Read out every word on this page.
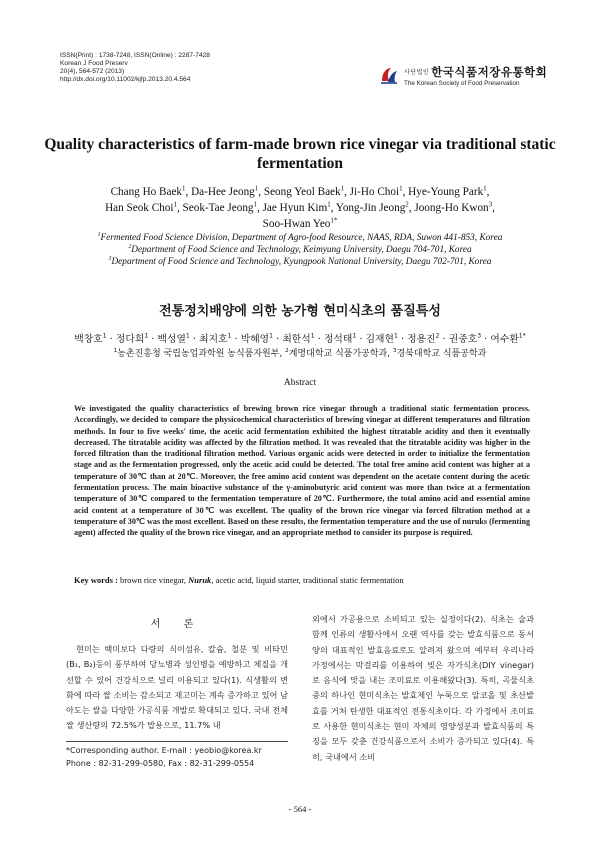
ISSN(Print) : 1738-7248, ISSN(Online) : 2287-7428
Korean J Food Preserv
20(4), 564-572 (2013)
http://dx.doi.org/10.11002/kjfp.2013.20.4.564
사단법인 한국식품저장유통학회
The Korean Society of Food Preservation
Quality characteristics of farm-made brown rice vinegar via traditional static fermentation
Chang Ho Baek$^1$, Da-Hee Jeong$^1$, Seong Yeol Baek$^1$, Ji-Ho Choi$^1$, Hye-Young Park$^1$,
Han Seok Choi$^1$, Seok-Tae Jeong$^1$, Jae Hyun Kim$^1$, Yong-Jin Jeong$^2$, Joong-Ho Kwon$^3$,
Soo-Hwan Yeo$^{1*}$
$^1$Fermented Food Science Division, Department of Agro-food Resource, NAAS, RDA, Suwon 441-853, Korea
$^2$Department of Food Science and Technology, Keimyung University, Daegu 704-701, Korea
$^3$Department of Food Science and Technology, Kyungpook National University, Daegu 702-701, Korea
전통정치배양에 의한 농가형 현미식초의 품질특성
백창호$^1$ · 정다희$^1$ · 백성열$^1$ · 최지호$^1$ · 박혜영$^1$ · 최한석$^1$ · 정석태$^1$ · 김재현$^1$ · 정용진$^2$ · 권중호$^3$ · 여수환$^{1*}$
$^1$농촌진흥청 국립농업과학원 농식품자원부, $^2$계명대학교 식품가공학과, $^3$경북대학교 식품공학과
Abstract
We investigated the quality characteristics of brewing brown rice vinegar through a traditional static fermentation process. Accordingly, we decided to compare the physicochemical characteristics of brewing vinegar at different temperatures and filtration methods. In four to five weeks' time, the acetic acid fermentation exhibited the highest titratable acidity and then it eventually decreased. The titratable acidity was affected by the filtration method. It was revealed that the titratable acidity was higher in the forced filtration than the traditional filtration method. Various organic acids were detected in order to initialize the fermentation stage and as the fermentation progressed, only the acetic acid could be detected. The total free amino acid content was higher at a temperature of 30℃ than at 20℃. Moreover, the free amino acid content was dependent on the acetate content during the acetic fermentation process. The main bioactive substance of the γ-aminobutyric acid content was more than twice at a fermentation temperature of 30℃ compared to the fermentation temperature of 20℃. Furthermore, the total amino acid and essential amino acid content at a temperature of 30℃ was excellent. The quality of the brown rice vinegar via forced filtration method at a temperature of 30℃ was the most excellent. Based on these results, the fermentation temperature and the use of nuruks (fermenting agent) affected the quality of the brown rice vinegar, and an appropriate method to consider its purpose is required.
Key words : brown rice vinegar, Nuruk, acetic acid, liquid starter, traditional static fermentation
서 론
현미는 백미보다 다량의 식이섬유, 칼슘, 철분 및 비타민(B₁, B₂)등이 풍부하여 당뇨병과 성인병을 예방하고 체질을 개선할 수 있어 건강식으로 널리 이용되고 있다(1). 식생활의 변화에 따라 쌀 소비는 감소되고 재고미는 계속 증가하고 있어 남아도는 쌀을 다양한 가공식품 개발로 확대되고 있다. 국내 전체 쌀 생산량의 72.5%가 밥용으로, 11.7% 내
외에서 가공용으로 소비되고 있는 실정이다(2). 식초는 술과 함께 인류의 생활사에서 오랜 역사를 갖는 발효식품으로 동서양의 대표적인 발효음료로도 알려져 왔으며 예부터 우리나라 가정에서는 막걸리를 이용하여 빚은 자가식초(DIY vinegar)로 음식에 맛을 내는 조미료로 이용해왔다(3). 특히, 곡물식초 중의 하나인 현미식초는 발효제인 누룩으로 알코올 및 초산발효를 거쳐 탄생한 대표적인 전통식초이다. 각 가정에서 조미료로 사용한 현미식초는 현미 자체의 영양성분과 발효식품의 특징을 모두 갖춘 건강식품으로서 소비가 증가되고 있다(4). 특히, 국내에서 소비
*Corresponding author. E-mail : yeobio@korea.kr
Phone : 82-31-299-0580, Fax : 82-31-299-0554
- 564 -
